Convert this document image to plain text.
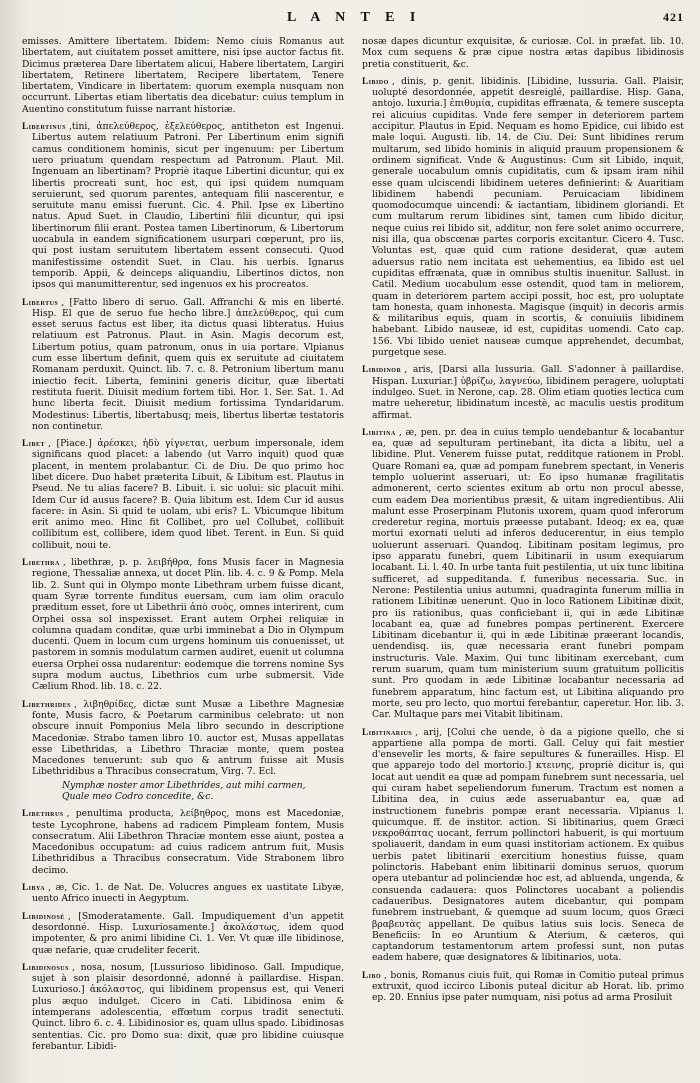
L A N T E I	421

emisses. Amittere libertatem. Ibidem: Nemo ciuis Romanus aut libertatem, aut ciuitatem posset amittere, nisi ipse auctor factus fit. Dicimus præterea Dare libertatem alicui, Habere libertatem, Largiri libertatem, Retinere libertatem, Recipere libertatem, Tenere libertatem, Vindicare in libertatem: quorum exempla nusquam non occurrunt. Libertas etiam libertatis dea dicebatur: cuius templum in Auentino constitutum fuisse narrant historiæ.

Libertinus ,tini, ἀπελεύθερος, ἐξελεύθερος, antitheton est Ingenui. Libertus autem relatiuum Patroni. Per Libertinum enim signifi camus conditionem hominis, sicut per ingenuum: per Libertum uero priuatum quendam respectum ad Patronum. Plaut. Mil. Ingenuam an libertinam? Propriè itaque Libertini dicuntur, qui ex libertis procreati sunt, hoc est, qui ipsi quidem numquam seruierunt, sed quorum parentes, antequam filii nascerentur, e seruitute manu emissi fuerunt. Cic. 4. Phil. Ipse ex Libertino natus. Apud Suet. in Claudio, Libertini filii dicuntur, qui ipsi libertinorum filii erant. Postea tamen Libertinorum, & Libertorum uocabula in eandem significationem usurpari cœperunt, pro iis, qui post iustam seruitutem libertatem essent consecuti. Quod manifestissime ostendit Suet. in Clau. his uerbis. Ignarus temporib. Appii, & deinceps aliquandiu, Libertinos dictos, non ipsos qui manumitterentur, sed ingenuos ex his procreatos.

Libertus , [Fatto libero di seruo. Gall. Affranchi & mis en liberté. Hisp. El que de seruo fue hecho libre.] ἀπελεύθερος, qui cum esset seruus factus est liber, ita dictus quasi libteratus. Huius relatiuum est Patronus. Plaut. in Asin. Magis decorum est, Libertum potius, quam patronum, onus in uia portare. Vlpianus cum esse libertum definit, quem quis ex seruitute ad ciuitatem Romanam perduxit. Quinct. lib. 7. c. 8. Petronium libertum manu iniectio fecit. Liberta, feminini generis dicitur, quæ libertati restituta fuerit. Diuisit medium fortem tibi. Hor. 1. Ser. Sat. 1. Ad hunc liberta fecit. Diuisit medium fortissima Tyndaridarum. Modestinus: Libertis, libertabusq; meis, libertus libertæ testatoris non continetur.

Libet , [Piace.] ἀρέσκει, ἡδὺ γίγνεται, uerbum impersonale, idem significans quod placet: a labendo (ut Varro inquit) quod quæ placent, in mentem prolabantur. Ci. de Diu. De quo primo hoc libet dicere. Duo habet præterita Libuit, & Libitum est. Plautus in Pseud. Ne tu alias facere? B. Libuit. i. sic uolui: sic placuit mihi. Idem Cur id ausus facere? B. Quia libitum est. Idem Cur id ausus facere: in Asin. Si quid te uolam, ubi eris? L. Vbicumque libitum erit animo meo. Hinc fit Collibet, pro uel Collubet, collibuit collibitum est, collibere, idem quod libet. Terent. in Eun. Si quid collibuit, noui te.

Libethra , libethræ, p. p. λειβήθρα, fons Musis facer in Magnesia regione, Thessaliæ annexa, ut docet Plin. lib. 4. c. 9 & Pomp. Mela lib. 2. Sunt qui in Olympo monte Libethram urbem fuisse dicant, quam Syræ torrente funditus euersam, cum iam olim oraculo præditum esset, fore ut Libethrii ἀπὸ συὸς, omnes interirent, cum Orphei ossa sol inspexisset. Erant autem Orphei reliquiæ in columna quadam conditæ, quæ urbi imminebat a Dio in Olympum ducenti. Quem in locum cum urgens hominum uis conuenisset, ut pastorem in somnis modulatum carmen audiret, euenit ut columna euersa Orphei ossa nudarentur: eodemque die torrens nomine Sys supra modum auctus, Libethrios cum urbe submersit. Vide Cælium Rhod. lib. 18. c. 22.

Libethrides , λιβηθρίδες, dictæ sunt Musæ a Libethre Magnesiæ fonte, Musis facro, & Poetarum carminibus celebrato: ut non obscure innuit Pomponius Mela libro secundo in descriptione Macedoniæ. Strabo tamen libro 10. auctor est, Musas appellatas esse Libethridas, a Libethro Thraciæ monte, quem postea Macedones tenuerunt: sub quo & antrum fuisse ait Musis Libethridibus a Thracibus consecratum, Virg. 7. Ecl.

Nymphæ noster amor Libethrides, aut mihi carmen,
Quale meo Codro concedite, &c.

Libethrus , penultima producta, λείβηθρος, mons est Macedoniæ, teste Lycophrone, habens ad radicem Pimpleam fontem, Musis consecratum. Alii Libethron Thraciæ montem esse aiunt, postea a Macedonibus occupatum: ad cuius radicem antrum fuit, Musis Libethridibus a Thracibus consecratum. Vide Strabonem libro decimo.

Libya , æ, Cic. 1. de Nat. De. Volucres angues ex uastitate Libyæ, uento Africo inuecti in Aegyptum.

Libidinosè , [Smoderatamente. Gall. Impudiquement d'un appetit desordonné. Hisp. Luxuriosamente.] ἀκολάστως, idem quod impotenter, & pro animi libidine Ci. 1. Ver. Vt quæ ille libidinose, quæ nefarie, quæ crudeliter fecerit.

Libidinosus , nosa, nosum, [Lussurioso libidinoso. Gall. Impudique, sujet à son plaisir desordonné, adonné à paillardise. Hispan. Luxurioso.] ἀκόλαστος, qui libidinem propensus est, qui Veneri plus æquo indulget. Cicero in Cati. Libidinosa enim & intemperans adolescentia, effœtum corpus tradit senectuti. Quinct. libro 6. c. 4. Libidinosior es, quam ullus spado. Libidinosas sententias. Cic. pro Domo sua: dixit, quæ pro libidine cuiusque ferebantur. Libidi-

nosæ dapes dicuntur exquisitæ, & curiosæ. Col. in præfat. lib. 10. Mox cum sequens & præ cipue nostra ætas dapibus libidinosis pretia constituerit, &c.

Libido , dinis, p. genit. libidinis. [Libidine, lussuria. Gall. Plaisir, uolupté desordonnée, appetit desreiglé, paillardise. Hisp. Gana, antojo. luxuria.] ἐπιθυμία, cupiditas effrænata, & temere suscepta rei alicuius cupiditas. Vnde fere semper in deteriorem partem accipitur. Plautus in Epid. Nequam es homo Epidice, cui libido est male loqui. Augusti. lib. 14. de Ciu. Dei: Sunt libidines rerum multarum, sed libido hominis in aliquid prauum propensionem & ordinem significat. Vnde & Augustinus: Cum sit Libido, inquit, generale uocabulum omnis cupiditatis, cum & ipsam iram nihil esse quam ulciscendi libidinem ueteres definierint: & Auaritiam libidinem habendi pecuniam. Peruicaciam libidinem quomodocumque uincendi: & iactantiam, libidinem gloriandi. Et cum multarum rerum libidines sint, tamen cum libido dicitur, neque cuius rei libido sit, additur, non fere solet animo occurrere, nisi illa, qua obscœnæ partes corporis excitantur. Cicero 4. Tusc. Voluntas est, quæ quid cum ratione desiderat, quæ autem aduersus ratio nem incitata est uehementius, ea libido est uel cupiditas effrænata, quæ in omnibus stultis inuenitur. Sallust. in Catil. Medium uocabulum esse ostendit, quod tam in meliorem, quam in deteriorem partem accipi possit, hoc est, pro uoluptate tam honesta, quam inhonesta. Magisque (inquit) in decoris armis & militaribus equis, quam in scortis, & conuiuiis libidinem habebant. Libido nauseæ, id est, cupiditas uomendi. Cato cap. 156. Vbi libido ueniet nauseæ cumque apprehendet, decumbat, purgetque sese.

Libidinor , aris, [Darsi alla lussuria. Gall. S'adonner à paillardise. Hispan. Luxuriar.] ὑβρίζω, λαγνεύω, libidinem peragere, uoluptati indulgeo. Suet. in Nerone, cap. 28. Olim etiam quoties lectica cum matre ueheretur, libidinatum incestè, ac maculis uestis proditum affirmat.

Libitina , æ, pen. pr. dea in cuius templo uendebantur & locabantur ea, quæ ad sepulturam pertinebant, ita dicta a libitu, uel a libidine. Plut. Venerem fuisse putat, redditque rationem in Probl. Quare Romani ea, quæ ad pompam funebrem spectant, in Veneris templo uoluerint asseruari, ut: Eo ipso humanæ fragilitatis admonerent, certo scientes exitum ab ortu non procul abesse, cum eadem Dea morientibus præsit, & uitam ingredientibus. Alii malunt esse Proserpinam Plutonis uxorem, quam quod inferorum crederetur regina, mortuis præesse putabant. Ideoq; ex ea, quæ mortui exornati ueluti ad inferos deducerentur, in eius templo uoluerunt asseruari. Quandoq. Libitinam positam legimus, pro ipso apparatu funebri, quem Libitinarii in usum exequiarum locabant. Li. l. 40. In urbe tanta fuit pestilentia, ut uix tunc libitina sufficeret, ad suppeditanda. f. funeribus necessaria. Suc. in Nerone: Pestilentia unius autumni, quadraginta funerum millia in rationem Libitinæ uenerunt. Quo in loco Rationem Libitinæ dixit, pro iis rationibus, quas conficiebant ii, qui in æde Libitinæ locabant ea, quæ ad funebres pompas pertinerent. Exercere Libitinam dicebantur ii, qui in æde Libitinæ præerant locandis, uendendisq. iis, quæ necessaria erant funebri pompam instructuris. Vale. Maxim. Qui tunc libitinam exercebant, cum rerum suarum, quam tum ministerium suum gratuitum pollicitis sunt. Pro quodam in æde Libitinæ locabantur necessaria ad funebrem apparatum, hinc factum est, ut Libitina aliquando pro morte, seu pro lecto, quo mortui ferebantur, caperetur. Hor. lib. 3. Car. Multaque pars mei Vitabit libitinam.

Libitinarius , arij, [Colui che uende, ò da a pigione quello, che si appartiene alla pompa de morti. Gall. Celuy qui fait mestier d'ensevelir les morts, & faire sepultures & funerailles. Hisp. El que apparejo todo del mortorio.] κτεινης, propriè dicitur is, qui locat aut uendit ea quæ ad pompam funebrem sunt necessaria, uel qui curam habet sepeliendorum funerum. Tractum est nomen a Libitina dea, in cuius æde asseruabantur ea, quæ ad instructionem funebris pompæ erant necessaria. Vlpianus l. quicumque. ff. de institor. action. Si libitinarius, quem Græci νεκροθάπτας uocant, ferrum pollinctori habuerit, is qui mortuum spoliauerit, dandam in eum quasi institoriam actionem. Ex quibus uerbis patet libitinarii exercitium honestius fuisse, quam polinctoris. Habebant enim libitinarii dominus seruos, quorum opera utebantur ad polinciendæ hoc est, ad abluenda, ungenda, & consuenda cadauera: quos Polinctores uocabant a poliendis cadaueribus. Designatores autem dicebantur, qui pompam funebrem instruebant, & quemque ad suum locum, quos Græci βραβευτὰς appellant. De quibus latius suis locis. Seneca de Beneficiis: In eo Aruntium & Aterium, & cæteros, qui captandorum testamentorum artem professi sunt, non putas eadem habere, quæ designatores & libitinarios, uota.

Libo , bonis, Romanus ciuis fuit, qui Romæ in Comitio puteal primus extruxit, quod iccirco Libonis puteal dicitur ab Horat. lib. primo ep. 20. Ennius ipse pater numquam, nisi potus ad arma Prosiluit
